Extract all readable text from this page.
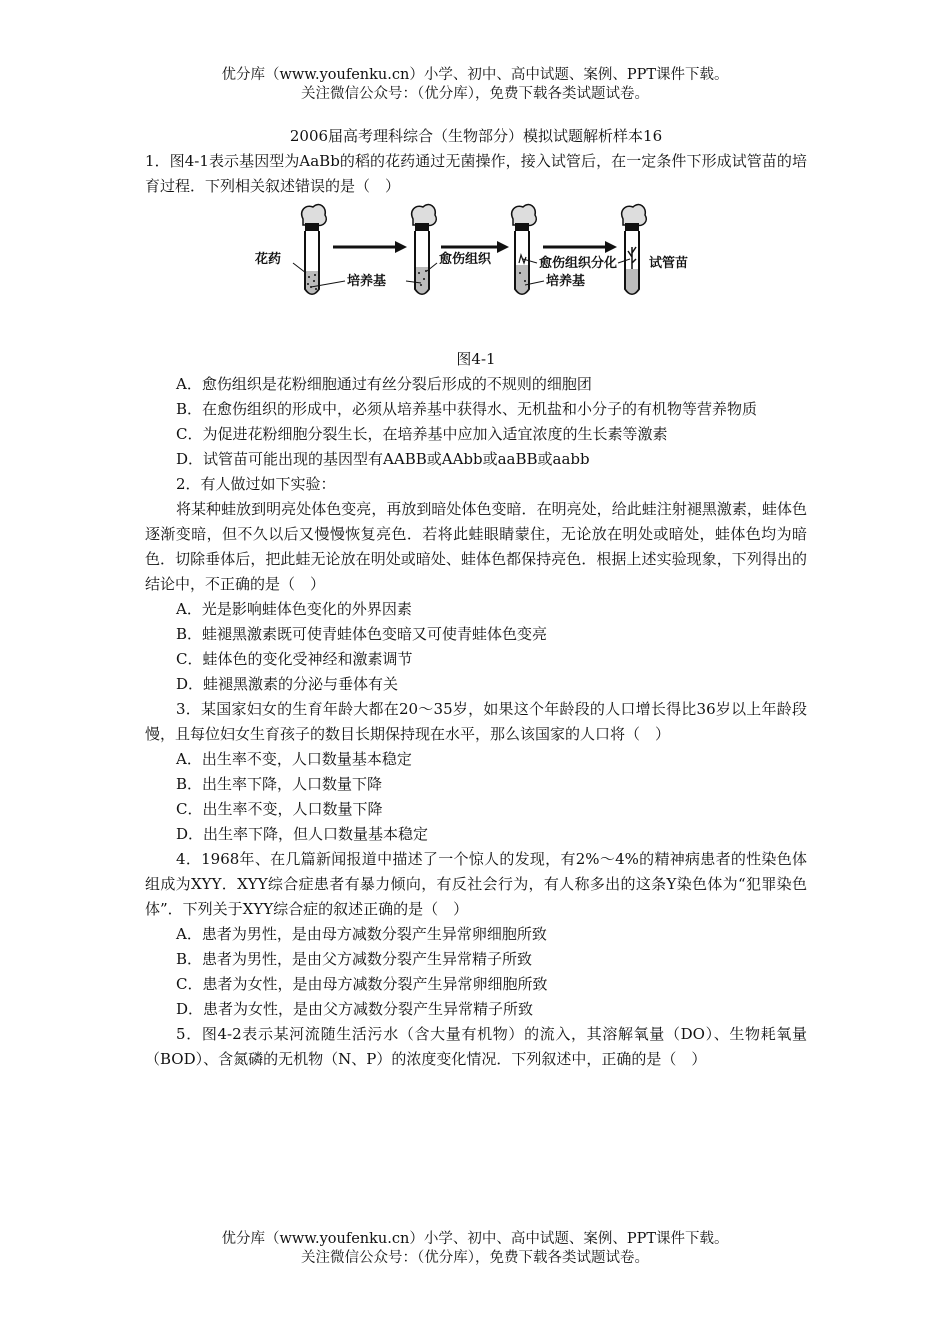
优分库（www.youfenku.cn）小学、初中、高中试题、案例、PPT课件下载。
关注微信公众号：（优分库），免费下载各类试题试卷。

2006届高考理科综合（生物部分）模拟试题解析样本16

1．图4-1表示基因型为AaBb的稻的花药通过无菌操作，接入试管后，在一定条件下形成试管苗的培育过程．下列相关叙述错误的是（　）

花药
培养基
愈伤组织	愈伤组织分化
培养基
试管苗

图4-1

A．愈伤组织是花粉细胞通过有丝分裂后形成的不规则的细胞团

B．在愈伤组织的形成中，必须从培养基中获得水、无机盐和小分子的有机物等营养物质

C．为促进花粉细胞分裂生长，在培养基中应加入适宜浓度的生长素等激素

D．试管苗可能出现的基因型有AABB或AAbb或aaBB或aabb

2．有人做过如下实验：

将某种蛙放到明亮处体色变亮，再放到暗处体色变暗．在明亮处，给此蛙注射褪黑激素，蛙体色逐渐变暗，但不久以后又慢慢恢复亮色．若将此蛙眼睛蒙住，无论放在明处或暗处，蛙体色均为暗色．切除垂体后，把此蛙无论放在明处或暗处、蛙体色都保持亮色．根据上述实验现象，下列得出的结论中，不正确的是（　）

A．光是影响蛙体色变化的外界因素

B．蛙褪黑激素既可使青蛙体色变暗又可使青蛙体色变亮

C．蛙体色的变化受神经和激素调节

D．蛙褪黑激素的分泌与垂体有关

3．某国家妇女的生育年龄大都在20～35岁，如果这个年龄段的人口增长得比36岁以上年龄段慢，且每位妇女生育孩子的数目长期保持现在水平，那么该国家的人口将（　）

A．出生率不变，人口数量基本稳定

B．出生率下降，人口数量下降

C．出生率不变，人口数量下降

D．出生率下降，但人口数量基本稳定

4．1968年、在几篇新闻报道中描述了一个惊人的发现，有2%～4%的精神病患者的性染色体组成为XYY．XYY综合症患者有暴力倾向，有反社会行为，有人称多出的这条Y染色体为“犯罪染色体”．下列关于XYY综合症的叙述正确的是（　）

A．患者为男性，是由母方减数分裂产生异常卵细胞所致

B．患者为男性，是由父方减数分裂产生异常精子所致

C．患者为女性，是由母方减数分裂产生异常卵细胞所致

D．患者为女性，是由父方减数分裂产生异常精子所致

5．图4-2表示某河流随生活污水（含大量有机物）的流入，其溶解氧量（DO）、生物耗氧量（BOD）、含氮磷的无机物（N、P）的浓度变化情况．下列叙述中，正确的是（　）

优分库（www.youfenku.cn）小学、初中、高中试题、案例、PPT课件下载。
关注微信公众号：（优分库），免费下载各类试题试卷。
